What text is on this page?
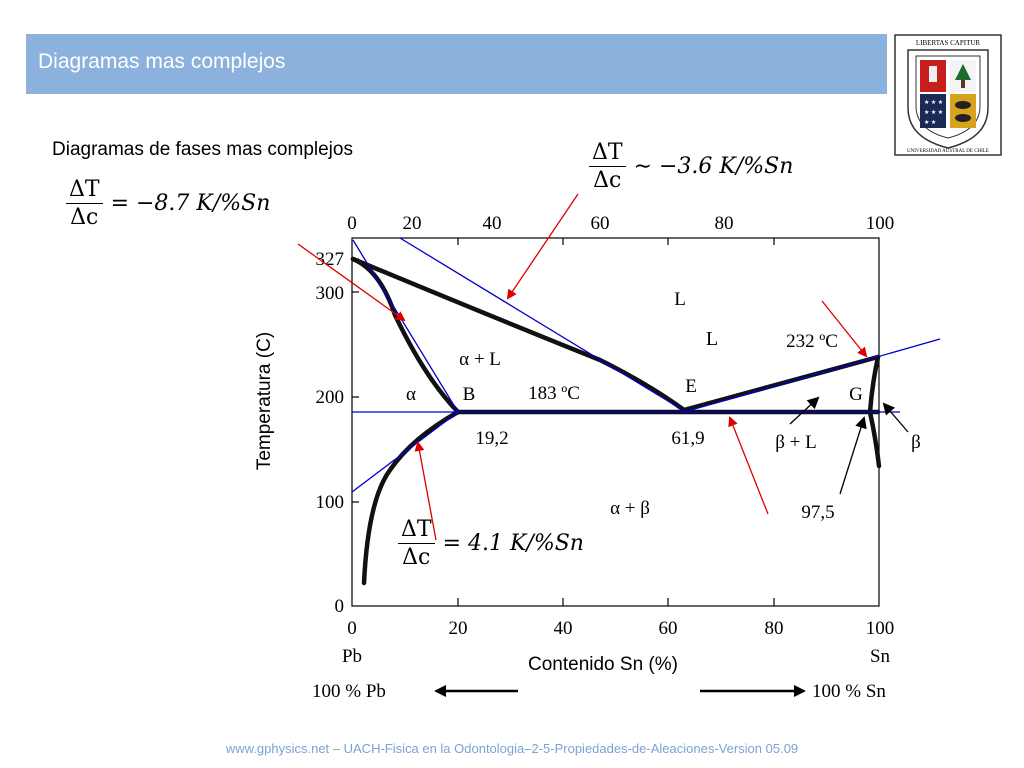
Diagramas mas complejos
LIBERTAS CAPITUR
★ ★ ★
★ ★ ★
★ ★
UNIVERSIDAD AUSTRAL DE CHILE
Diagramas de fases mas complejos
0 20	40	60	80	100
0	20	40	60	80	100
0
100
200
300
327
Pb	Sn
100 % Pb	100 % Sn
L
L
α + L
α
β + L
α + β
β
B	E	G
183 ºC
232 ºC
19,2	61,9
97,5
Temperatura (C)
Contenido Sn (%)
$\frac{\Delta T}{\Delta c} = -8.7$ K/%Sn
$\frac{\Delta T}{\Delta c}$ ∼ −3.6 K/%Sn
$\frac{\Delta T}{\Delta c} = 4.1$ K/%Sn
www.gphysics.net – UACH-Fisica en la Odontologia–2-5-Propiedades-de-Aleaciones-Version 05.09
